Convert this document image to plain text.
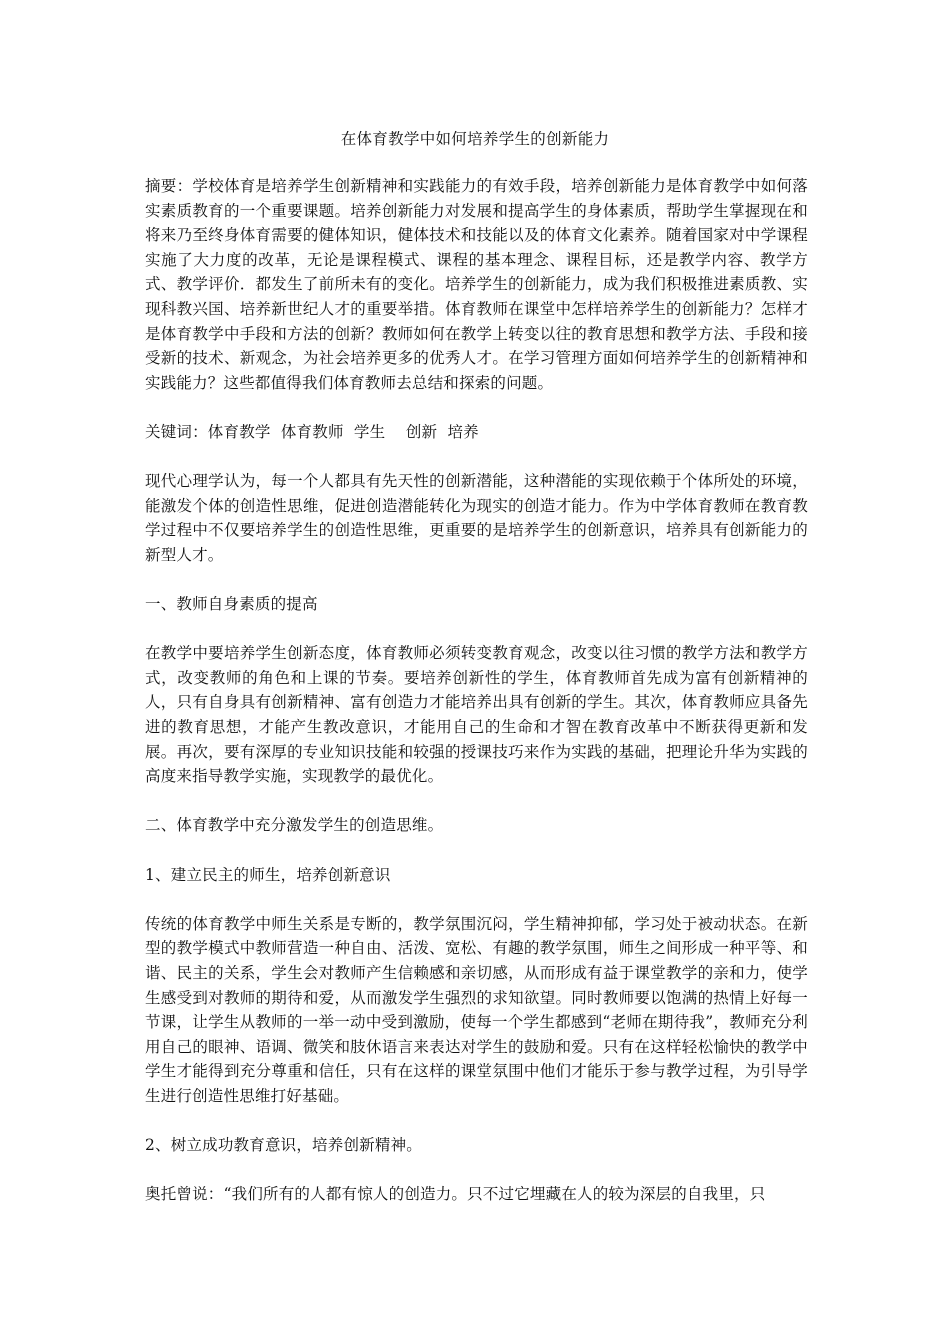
在体育教学中如何培养学生的创新能力

摘要：学校体育是培养学生创新精神和实践能力的有效手段，培养创新能力是体育教学中如何落实素质教育的一个重要课题。培养创新能力对发展和提高学生的身体素质，帮助学生掌握现在和将来乃至终身体育需要的健体知识，健体技术和技能以及的体育文化素养。随着国家对中学课程实施了大力度的改革，无论是课程模式、课程的基本理念、课程目标，还是教学内容、教学方式、教学评价．都发生了前所未有的变化。培养学生的创新能力，成为我们积极推进素质教、实现科教兴国、培养新世纪人才的重要举措。体育教师在课堂中怎样培养学生的创新能力？怎样才是体育教学中手段和方法的创新？教师如何在教学上转变以往的教育思想和教学方法、手段和接受新的技术、新观念，为社会培养更多的优秀人才。在学习管理方面如何培养学生的创新精神和实践能力？这些都值得我们体育教师去总结和探索的问题。

关键词：体育教学  体育教师  学生    创新  培养

现代心理学认为，每一个人都具有先天性的创新潜能，这种潜能的实现依赖于个体所处的环境，能激发个体的创造性思维，促进创造潜能转化为现实的创造才能力。作为中学体育教师在教育教学过程中不仅要培养学生的创造性思维，更重要的是培养学生的创新意识，培养具有创新能力的新型人才。

一、教师自身素质的提高

在教学中要培养学生创新态度，体育教师必须转变教育观念，改变以往习惯的教学方法和教学方式，改变教师的角色和上课的节奏。要培养创新性的学生，体育教师首先成为富有创新精神的人，只有自身具有创新精神、富有创造力才能培养出具有创新的学生。其次，体育教师应具备先进的教育思想，才能产生教改意识，才能用自己的生命和才智在教育改革中不断获得更新和发展。再次，要有深厚的专业知识技能和较强的授课技巧来作为实践的基础，把理论升华为实践的高度来指导教学实施，实现教学的最优化。

二、体育教学中充分激发学生的创造思维。

1、建立民主的师生，培养创新意识

传统的体育教学中师生关系是专断的，教学氛围沉闷，学生精神抑郁，学习处于被动状态。在新型的教学模式中教师营造一种自由、活泼、宽松、有趣的教学氛围，师生之间形成一种平等、和谐、民主的关系，学生会对教师产生信赖感和亲切感，从而形成有益于课堂教学的亲和力，使学生感受到对教师的期待和爱，从而激发学生强烈的求知欲望。同时教师要以饱满的热情上好每一节课，让学生从教师的一举一动中受到激励，使每一个学生都感到“老师在期待我”，教师充分利用自己的眼神、语调、微笑和肢休语言来表达对学生的鼓励和爱。只有在这样轻松愉快的教学中学生才能得到充分尊重和信任，只有在这样的课堂氛围中他们才能乐于参与教学过程，为引导学生进行创造性思维打好基础。

2、树立成功教育意识，培养创新精神。

奥托曾说：“我们所有的人都有惊人的创造力。只不过它埋藏在人的较为深层的自我里，只
